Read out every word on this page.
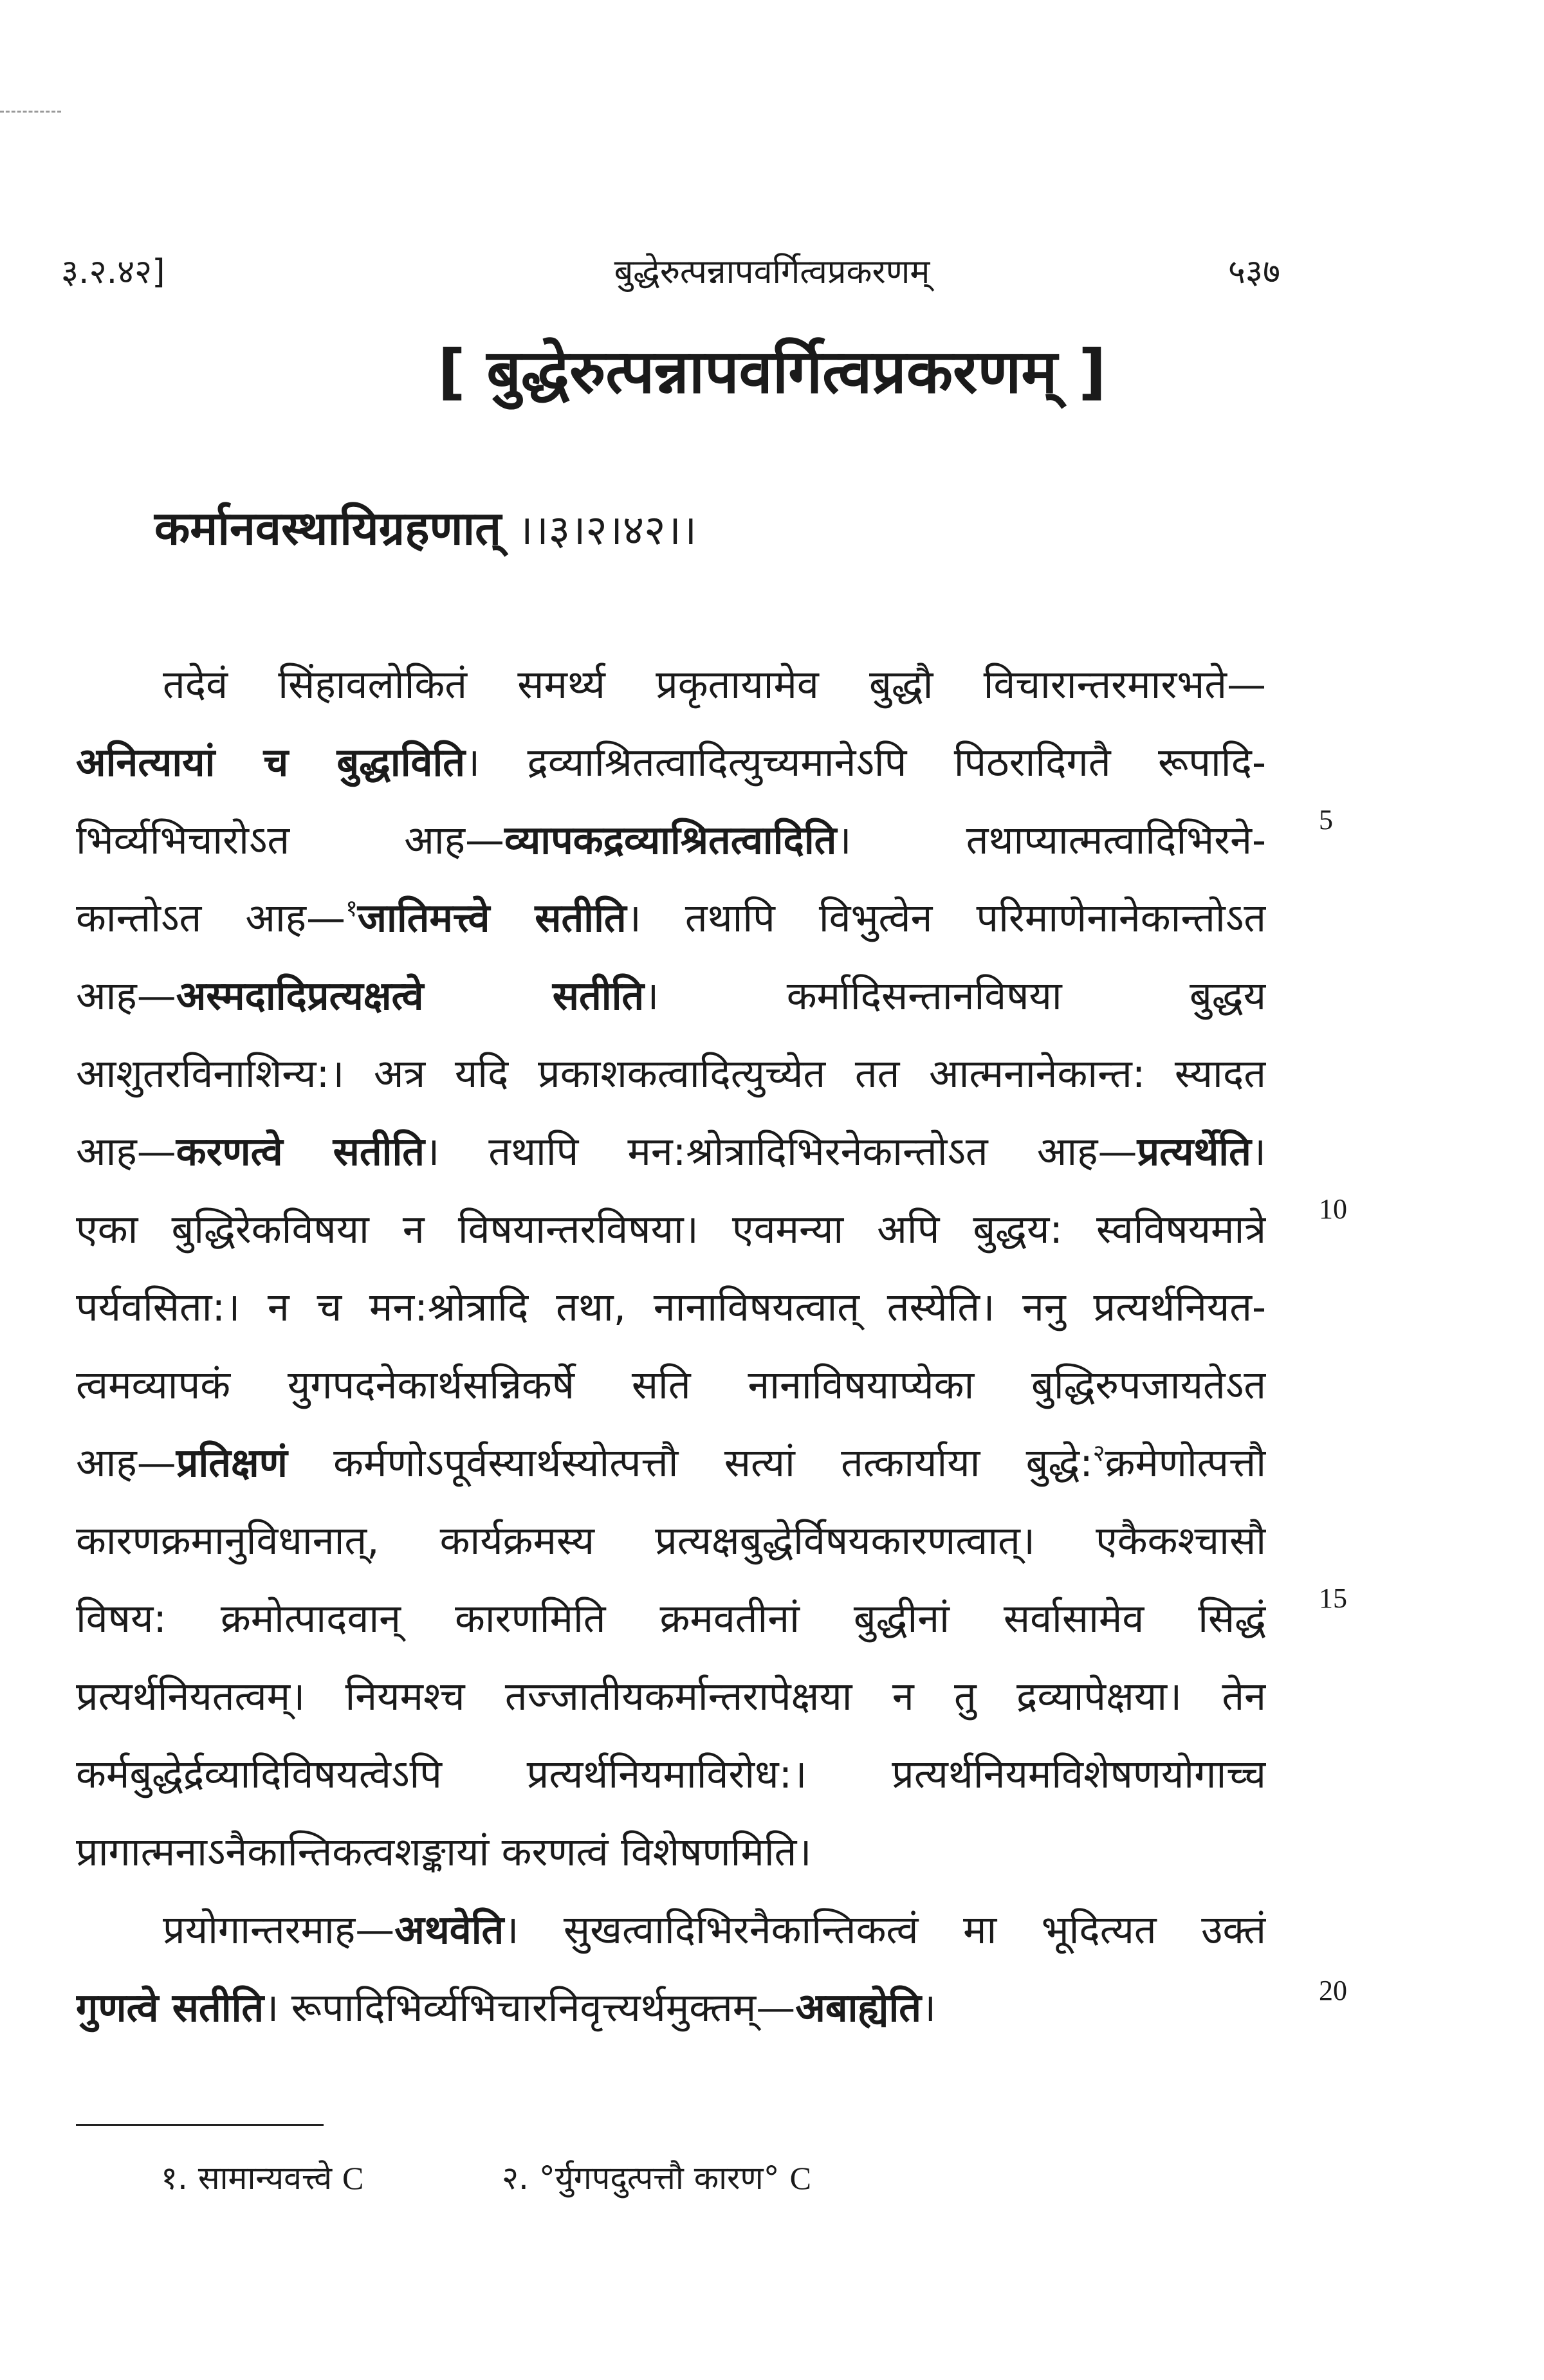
३.२.४२]	बुद्धेरुत्पन्नापवर्गित्वप्रकरणम्	५३७
[ बुद्धेरुत्पन्नापवर्गित्वप्रकरणम् ]
कर्मानवस्थायिग्रहणात् ।।३।२।४२।।
तदेवं सिंहावलोकितं समर्थ्य प्रकृतायामेव बुद्धौ विचारान्तरमारभते—
अनित्यायां च बुद्धाविति। द्रव्याश्रितत्वादित्युच्यमानेऽपि पिठरादिगतै रूपादि-
भिर्व्यभिचारोऽत आह—व्यापकद्रव्याश्रितत्वादिति। तथाप्यात्मत्वादिभिरने-
कान्तोऽत आह—$^१$जातिमत्त्वे सतीति। तथापि विभुत्वेन परिमाणेनानेकान्तोऽत
आह—अस्मदादिप्रत्यक्षत्वे सतीति। कर्मादिसन्तानविषया बुद्धय
आशुतरविनाशिन्य:। अत्र यदि प्रकाशकत्वादित्युच्येत तत आत्मनानेकान्त: स्यादत
आह—करणत्वे सतीति। तथापि मन:श्रोत्रादिभिरनेकान्तोऽत आह—प्रत्यर्थेति।
एका बुद्धिरेकविषया न विषयान्तरविषया। एवमन्या अपि बुद्धय: स्वविषयमात्रे
पर्यवसिता:। न च मन:श्रोत्रादि तथा, नानाविषयत्वात् तस्येति। ननु प्रत्यर्थनियत-
त्वमव्यापकं युगपदनेकार्थसन्निकर्षे सति नानाविषयाप्येका बुद्धिरुपजायतेऽत
आह—प्रतिक्षणं कर्मणोऽपूर्वस्यार्थस्योत्पत्तौ सत्यां तत्कार्याया बुद्धे:$^२$क्रमेणोत्पत्तौ
कारणक्रमानुविधानात्, कार्यक्रमस्य प्रत्यक्षबुद्धेर्विषयकारणत्वात्। एकैकश्चासौ
विषय: क्रमोत्पादवान् कारणमिति क्रमवतीनां बुद्धीनां सर्वासामेव सिद्धं
प्रत्यर्थनियतत्वम्। नियमश्च तज्जातीयकर्मान्तरापेक्षया न तु द्रव्यापेक्षया। तेन
कर्मबुद्धेर्द्रव्यादिविषयत्वेऽपि प्रत्यर्थनियमाविरोध:। प्रत्यर्थनियमविशेषणयोगाच्च
प्रागात्मनाऽनैकान्तिकत्वशङ्कायां करणत्वं विशेषणमिति।
प्रयोगान्तरमाह—अथवेति। सुखत्वादिभिरनैकान्तिकत्वं मा भूदित्यत उक्तं
गुणत्वे सतीति। रूपादिभिर्व्यभिचारनिवृत्त्यर्थमुक्तम्—अबाह्येति।
5
10
15
20
१. सामान्यवत्त्वे C	२. °र्युगपदुत्पत्तौ कारण° C
